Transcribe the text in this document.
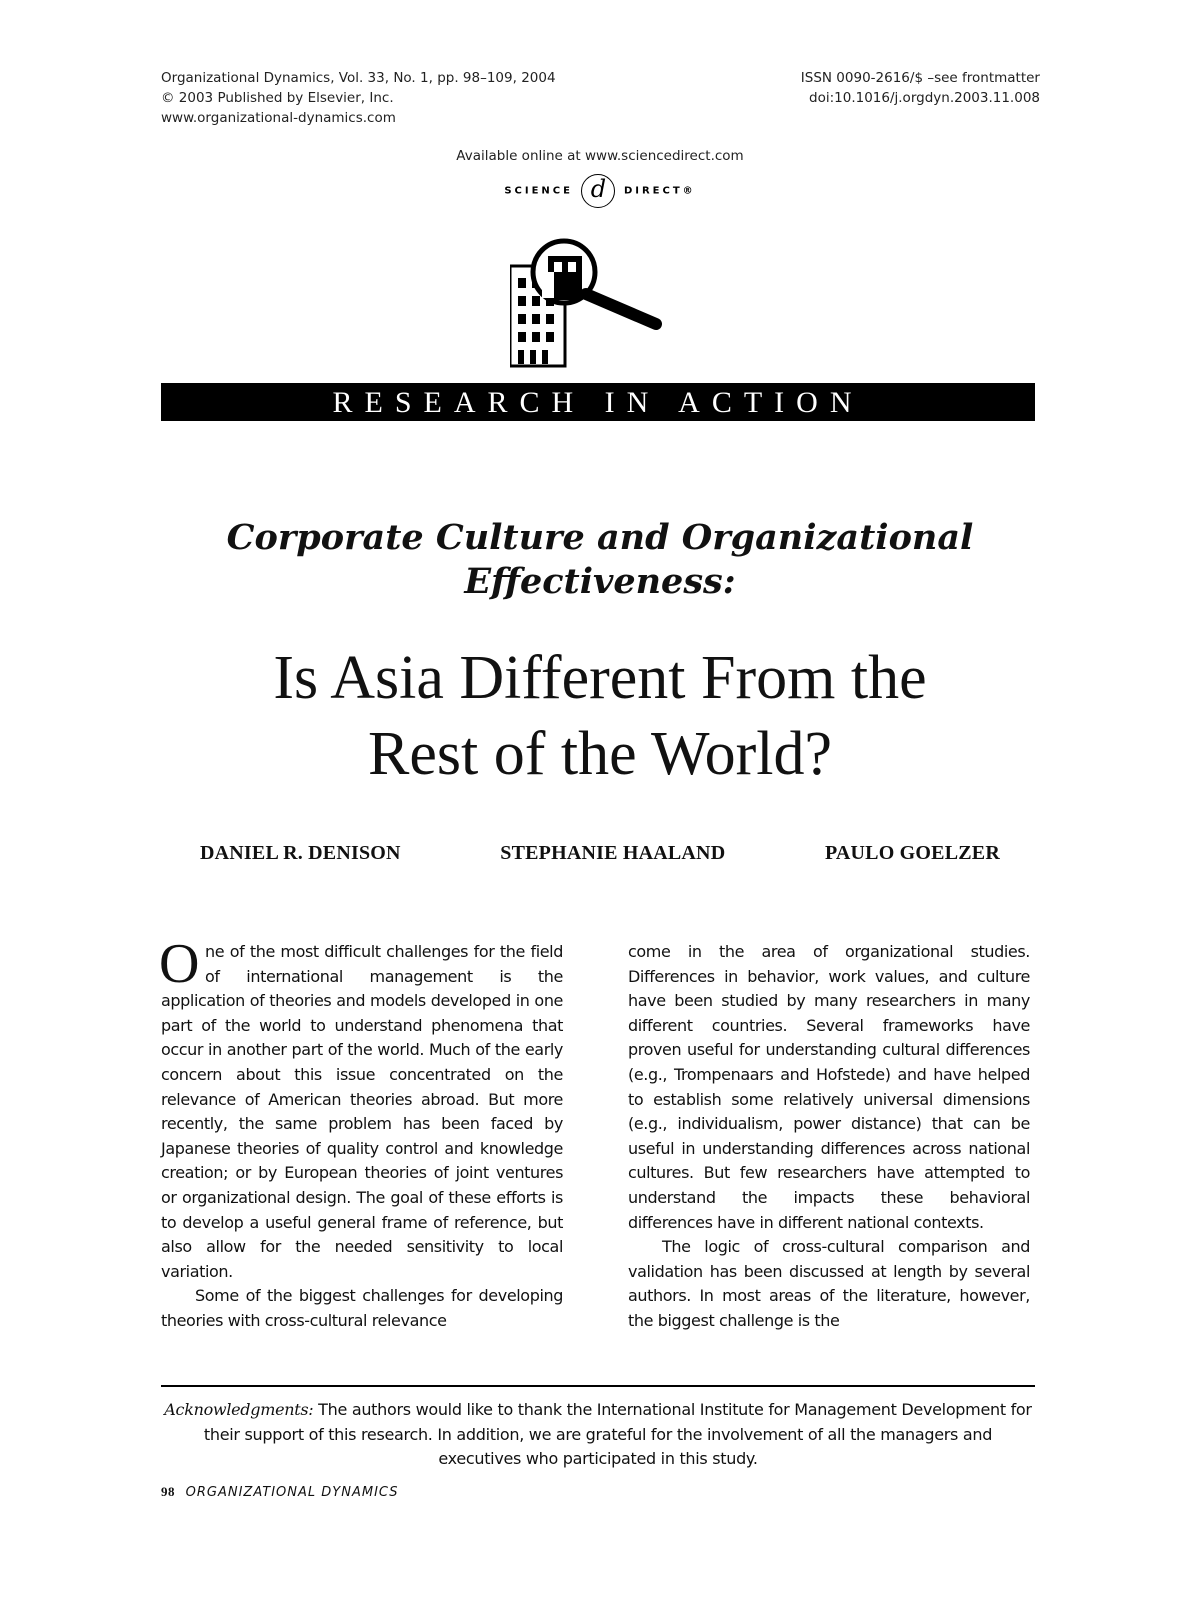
Organizational Dynamics, Vol. 33, No. 1, pp. 98–109, 2004
© 2003 Published by Elsevier, Inc.
www.organizational-dynamics.com
ISSN 0090-2616/$ –see frontmatter
doi:10.1016/j.orgdyn.2003.11.008
Available online at www.sciencedirect.com
SCIENCE d DIRECT®
RESEARCH IN ACTION
Corporate Culture and Organizational
Effectiveness:
Is Asia Different From the
Rest of the World?
DANIEL R. DENISON	STEPHANIE HAALAND	PAULO GOELZER

One of the most difficult challenges for the field of international management is the application of theories and models developed in one part of the world to understand phenomena that occur in another part of the world. Much of the early concern about this issue concentrated on the relevance of American theories abroad. But more recently, the same problem has been faced by Japanese theories of quality control and knowledge creation; or by European theories of joint ventures or organizational design. The goal of these efforts is to develop a useful general frame of reference, but also allow for the needed sensitivity to local variation.

Some of the biggest challenges for developing theories with cross-cultural relevance

come in the area of organizational studies. Differences in behavior, work values, and culture have been studied by many researchers in many different countries. Several frameworks have proven useful for understanding cultural differences (e.g., Trompenaars and Hofstede) and have helped to establish some relatively universal dimensions (e.g., individualism, power distance) that can be useful in understanding differences across national cultures. But few researchers have attempted to understand the impacts these behavioral differences have in different national contexts.

The logic of cross-cultural comparison and validation has been discussed at length by several authors. In most areas of the literature, however, the biggest challenge is the

Acknowledgments: The authors would like to thank the International Institute for Management Development for their support of this research. In addition, we are grateful for the involvement of all the managers and executives who participated in this study.
98 ORGANIZATIONAL DYNAMICS
